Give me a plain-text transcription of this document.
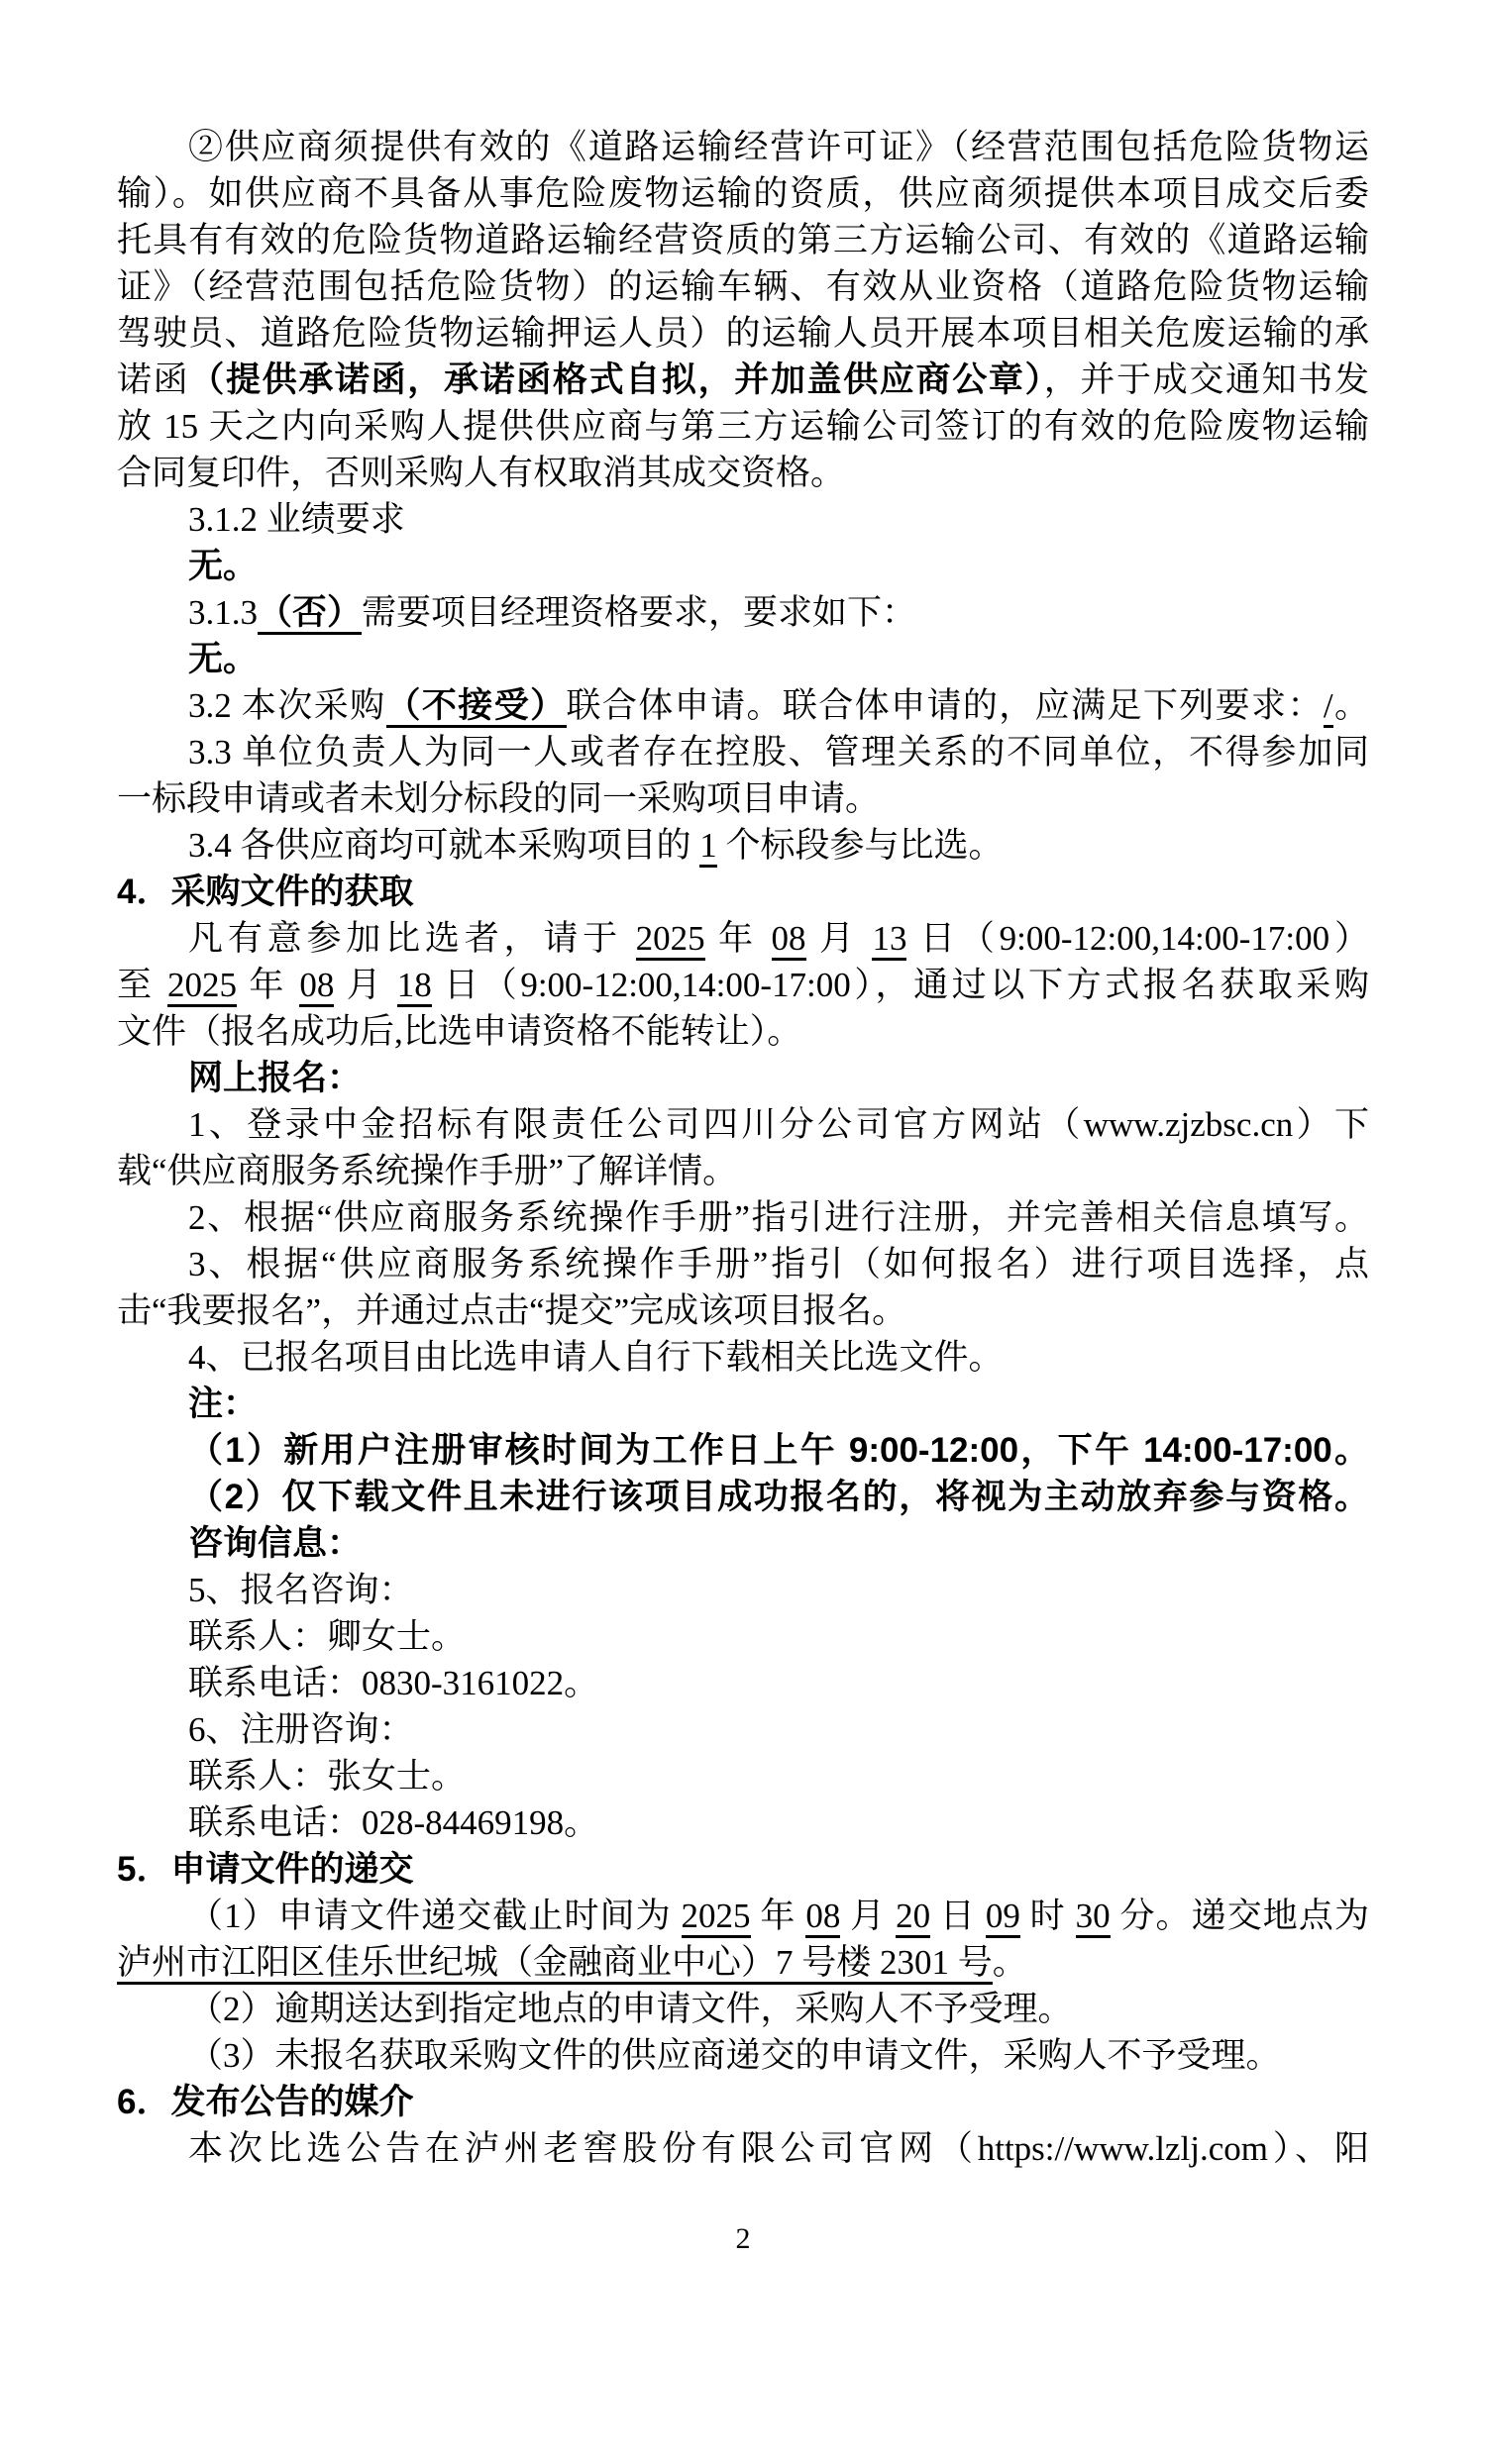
②供应商须提供有效的《道路运输经营许可证》（经营范围包括危险货物运
输）。如供应商不具备从事危险废物运输的资质，供应商须提供本项目成交后委
托具有有效的危险货物道路运输经营资质的第三方运输公司、有效的《道路运输
证》（经营范围包括危险货物）的运输车辆、有效从业资格（道路危险货物运输
驾驶员、道路危险货物运输押运人员）的运输人员开展本项目相关危废运输的承
诺函（提供承诺函，承诺函格式自拟，并加盖供应商公章），并于成交通知书发
放 15 天之内向采购人提供供应商与第三方运输公司签订的有效的危险废物运输
合同复印件，否则采购人有权取消其成交资格。
3.1.2 业绩要求
无。
3.1.3（否）需要项目经理资格要求，要求如下：
无。
3.2 本次采购（不接受）联合体申请。联合体申请的，应满足下列要求：/。
3.3 单位负责人为同一人或者存在控股、管理关系的不同单位，不得参加同
一标段申请或者未划分标段的同一采购项目申请。
3.4 各供应商均可就本采购项目的 1 个标段参与比选。
4．采购文件的获取
凡有意参加比选者，请于 2025 年 08 月 13 日（9:00-12:00,14:00-17:00）
至 2025 年 08 月 18 日（9:00-12:00,14:00-17:00），通过以下方式报名获取采购
文件（报名成功后,比选申请资格不能转让）。
网上报名：
1、登录中金招标有限责任公司四川分公司官方网站（www.zjzbsc.cn）下
载“供应商服务系统操作手册”了解详情。
2、根据“供应商服务系统操作手册”指引进行注册，并完善相关信息填写。
3、根据“供应商服务系统操作手册”指引（如何报名）进行项目选择，点
击“我要报名”，并通过点击“提交”完成该项目报名。
4、已报名项目由比选申请人自行下载相关比选文件。
注：
（1）新用户注册审核时间为工作日上午 9:00-12:00，下午 14:00-17:00。
（2）仅下载文件且未进行该项目成功报名的，将视为主动放弃参与资格。
咨询信息：
5、报名咨询：
联系人：卿女士。
联系电话：0830-3161022。
6、注册咨询：
联系人：张女士。
联系电话：028-84469198。
5．申请文件的递交
（1）申请文件递交截止时间为 2025 年 08 月 20 日 09 时 30 分。递交地点为
泸州市江阳区佳乐世纪城（金融商业中心）7 号楼 2301 号。
（2）逾期送达到指定地点的申请文件，采购人不予受理。
（3）未报名获取采购文件的供应商递交的申请文件，采购人不予受理。
6．发布公告的媒介
本次比选公告在泸州老窖股份有限公司官网（https://www.lzlj.com）、阳
2
